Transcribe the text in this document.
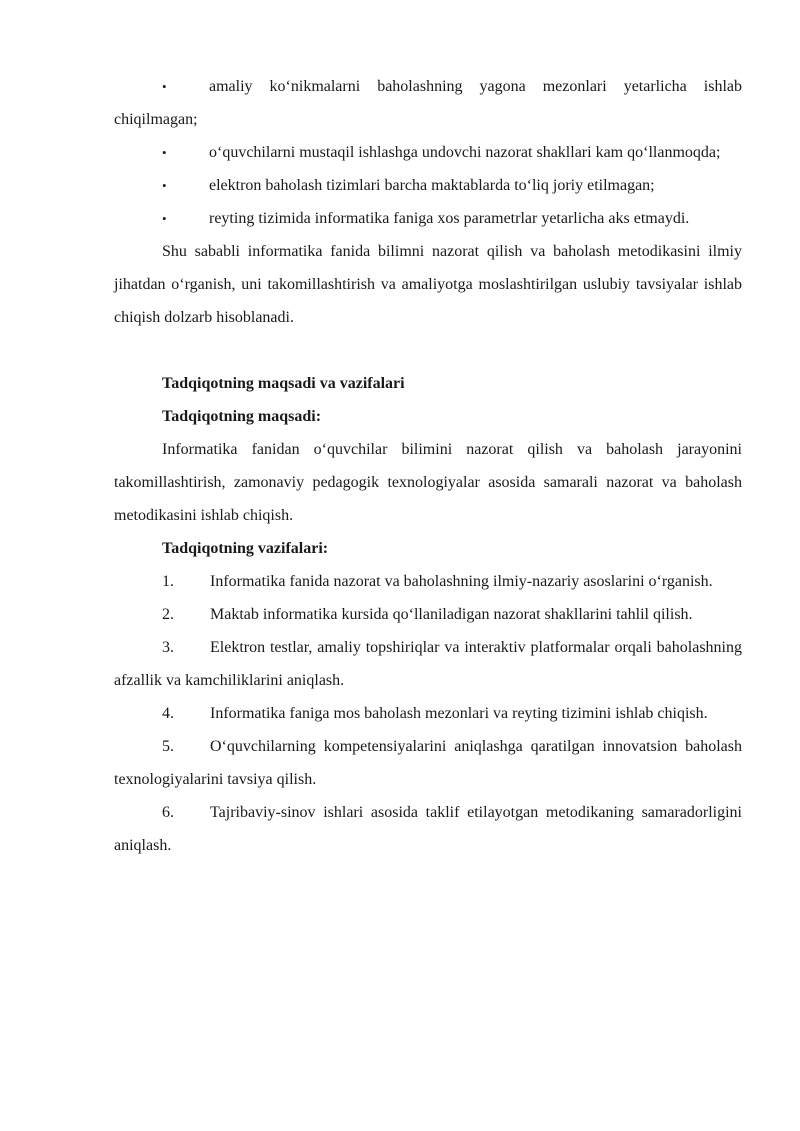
•	amaliy ko‘nikmalarni baholashning yagona mezonlari yetarlicha ishlab chiqilmagan;

•	o‘quvchilarni mustaqil ishlashga undovchi nazorat shakllari kam qo‘llanmoqda;

•	elektron baholash tizimlari barcha maktablarda to‘liq joriy etilmagan;

•	reyting tizimida informatika faniga xos parametrlar yetarlicha aks etmaydi.

Shu sababli informatika fanida bilimni nazorat qilish va baholash metodikasini ilmiy jihatdan o‘rganish, uni takomillashtirish va amaliyotga moslashtirilgan uslubiy tavsiyalar ishlab chiqish dolzarb hisoblanadi.

Tadqiqotning maqsadi va vazifalari

Tadqiqotning maqsadi:

Informatika fanidan o‘quvchilar bilimini nazorat qilish va baholash jarayonini takomillashtirish, zamonaviy pedagogik texnologiyalar asosida samarali nazorat va baholash metodikasini ishlab chiqish.

Tadqiqotning vazifalari:

1. Informatika fanida nazorat va baholashning ilmiy-nazariy asoslarini o‘rganish.

2. Maktab informatika kursida qo‘llaniladigan nazorat shakllarini tahlil qilish.

3. Elektron testlar, amaliy topshiriqlar va interaktiv platformalar orqali baholashning afzallik va kamchiliklarini aniqlash.

4. Informatika faniga mos baholash mezonlari va reyting tizimini ishlab chiqish.

5. O‘quvchilarning kompetensiyalarini aniqlashga qaratilgan innovatsion baholash texnologiyalarini tavsiya qilish.

6. Tajribaviy-sinov ishlari asosida taklif etilayotgan metodikaning samaradorligini aniqlash.
